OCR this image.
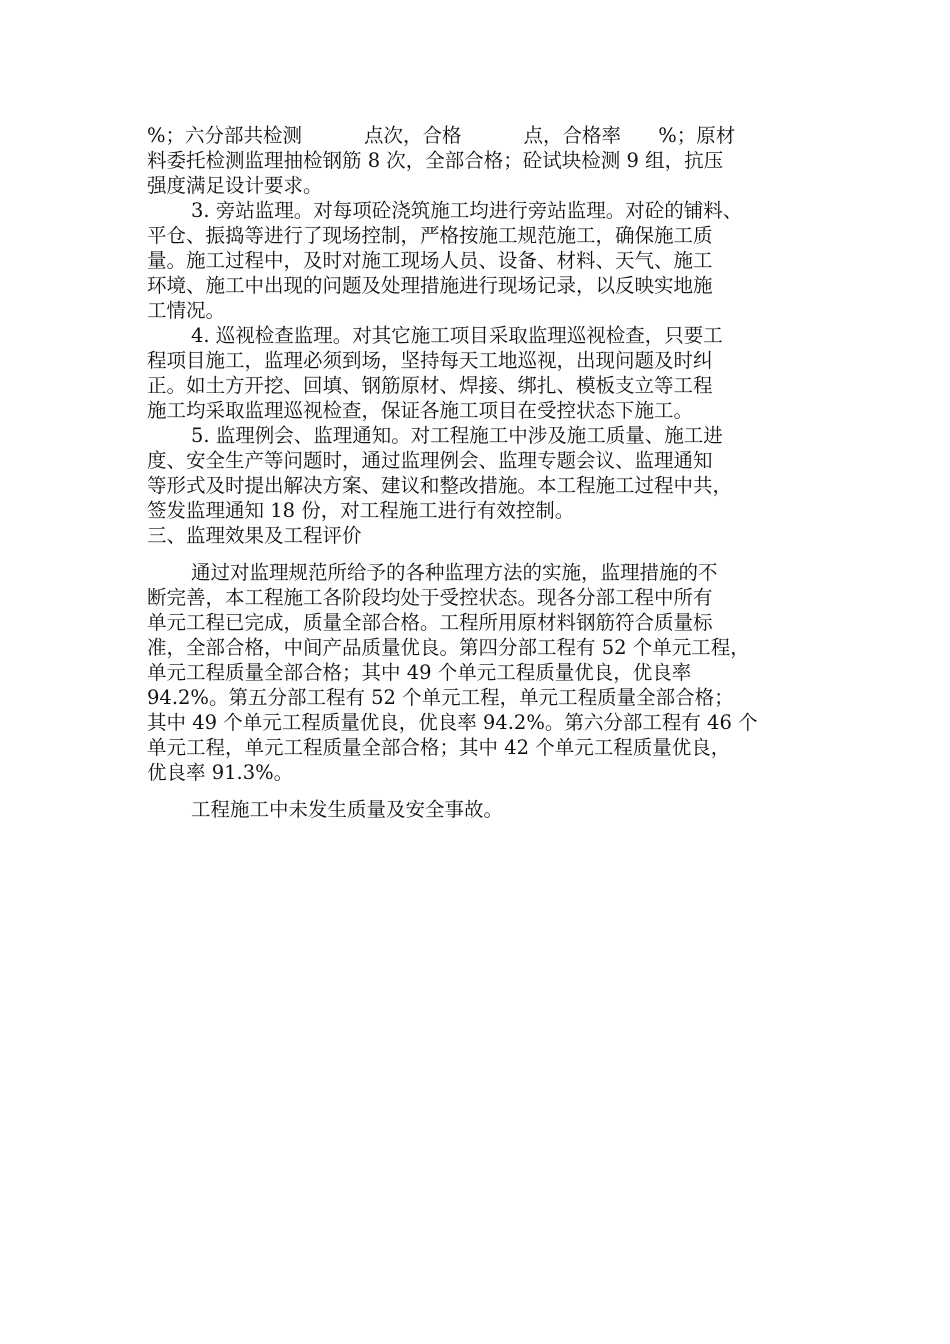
%；六分部共检测          点次，合格          点，合格率      %；原材
料委托检测监理抽检钢筋 8 次，全部合格；砼试块检测 9 组，抗压
强度满足设计要求。
3. 旁站监理。对每项砼浇筑施工均进行旁站监理。对砼的铺料、
平仓、振捣等进行了现场控制，严格按施工规范施工，确保施工质
量。施工过程中，及时对施工现场人员、设备、材料、天气、施工
环境、施工中出现的问题及处理措施进行现场记录，以反映实地施
工情况。
4. 巡视检查监理。对其它施工项目采取监理巡视检查，只要工
程项目施工，监理必须到场，坚持每天工地巡视，出现问题及时纠
正。如土方开挖、回填、钢筋原材、焊接、绑扎、模板支立等工程
施工均采取监理巡视检查，保证各施工项目在受控状态下施工。
5. 监理例会、监理通知。对工程施工中涉及施工质量、施工进
度、安全生产等问题时，通过监理例会、监理专题会议、监理通知
等形式及时提出解决方案、建议和整改措施。本工程施工过程中共，
签发监理通知 18 份，对工程施工进行有效控制。
三、监理效果及工程评价
通过对监理规范所给予的各种监理方法的实施，监理措施的不
断完善，本工程施工各阶段均处于受控状态。现各分部工程中所有
单元工程已完成，质量全部合格。工程所用原材料钢筋符合质量标
准，全部合格，中间产品质量优良。第四分部工程有 52 个单元工程，
单元工程质量全部合格；其中 49 个单元工程质量优良，优良率
94.2%。第五分部工程有 52 个单元工程，单元工程质量全部合格；
其中 49 个单元工程质量优良，优良率 94.2%。第六分部工程有 46 个
单元工程，单元工程质量全部合格；其中 42 个单元工程质量优良，
优良率 91.3%。
工程施工中未发生质量及安全事故。
